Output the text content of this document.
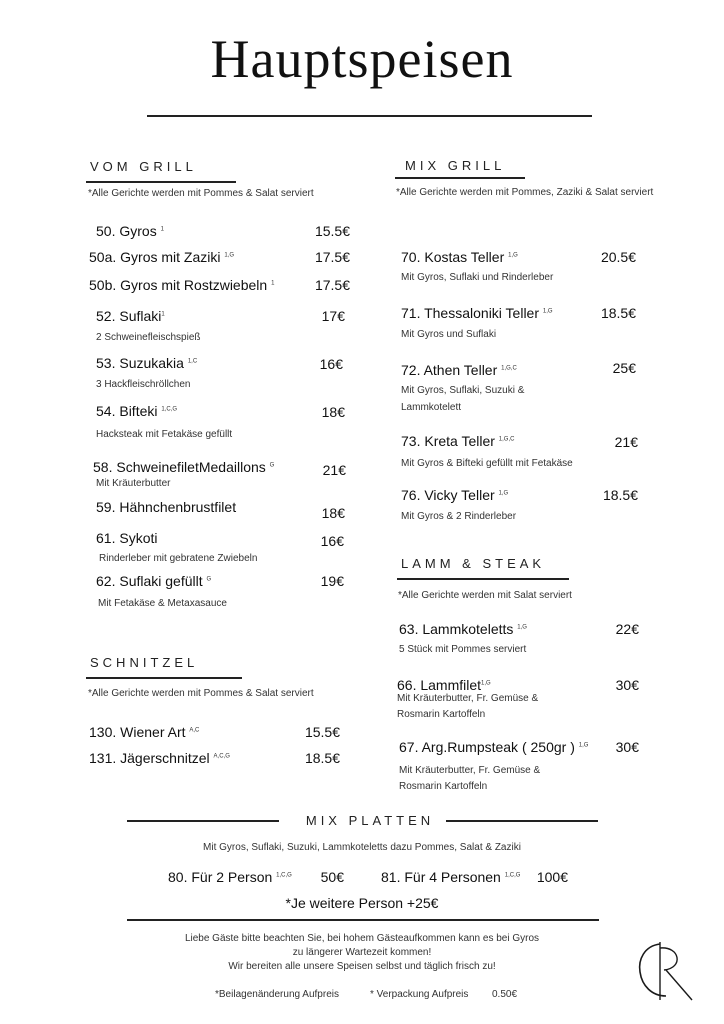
Hauptspeisen
VOM GRILL
*Alle Gerichte werden mit Pommes & Salat serviert
50. Gyros $^1$	15.5€
50a. Gyros mit Zaziki $^{1,G}$	17.5€
50b. Gyros mit Rostzwiebeln $^1$	17.5€
52. Suflaki$^1$	17€
2 Schweinefleischspieß
53. Suzukakia $^{1,C}$	16€
3 Hackfleischröllchen
54. Bifteki $^{1,C,G}$	18€
Hacksteak mit Fetakäse gefüllt
58. SchweinefiletMedaillons $^G$	21€
Mit Kräuterbutter
59. Hähnchenbrustfilet	18€
61. Sykoti	16€
Rinderleber mit gebratene Zwiebeln
62. Suflaki gefüllt $^G$	19€
Mit Fetakäse & Metaxasauce
SCHNITZEL
*Alle Gerichte werden mit Pommes & Salat serviert
130. Wiener Art $^{A,C}$	15.5€
131. Jägerschnitzel $^{A,C,G}$	18.5€
MIX GRILL
*Alle Gerichte werden mit Pommes, Zaziki & Salat serviert
70. Kostas Teller $^{1,G}$	20.5€
Mit Gyros, Suflaki und Rinderleber
71. Thessaloniki Teller $^{1,G}$	18.5€
Mit Gyros und Suflaki
72. Athen Teller $^{1,G,C}$	25€
Mit Gyros, Suflaki, Suzuki &
Lammkotelett
73. Kreta Teller $^{1,G,C}$	21€
Mit Gyros & Bifteki gefüllt mit Fetakäse
76. Vicky Teller $^{1,G}$	18.5€
Mit Gyros & 2 Rinderleber
LAMM & STEAK
*Alle Gerichte werden mit Salat serviert
63. Lammkoteletts $^{1,G}$	22€
5 Stück mit Pommes serviert
66. Lammfilet$^{1,G}$	30€
Mit Kräuterbutter, Fr. Gemüse &
Rosmarin Kartoffeln
67. Arg.Rumpsteak ( 250gr ) $^{1,G}$	30€
Mit Kräuterbutter, Fr. Gemüse &
Rosmarin Kartoffeln
MIX PLATTEN
Mit Gyros, Suflaki, Suzuki, Lammkoteletts dazu Pommes, Salat & Zaziki
80. Für 2 Person $^{1,C,G}$	50€	81. Für 4 Personen $^{1,C,G}$	100€
*Je weitere Person +25€
Liebe Gäste bitte beachten Sie, bei hohem Gästeaufkommen kann es bei Gyros
zu längerer Wartezeit kommen!
Wir bereiten alle unsere Speisen selbst und täglich frisch zu!
*Beilagenänderung Aufpreis	* Verpackung Aufpreis 0.50€
